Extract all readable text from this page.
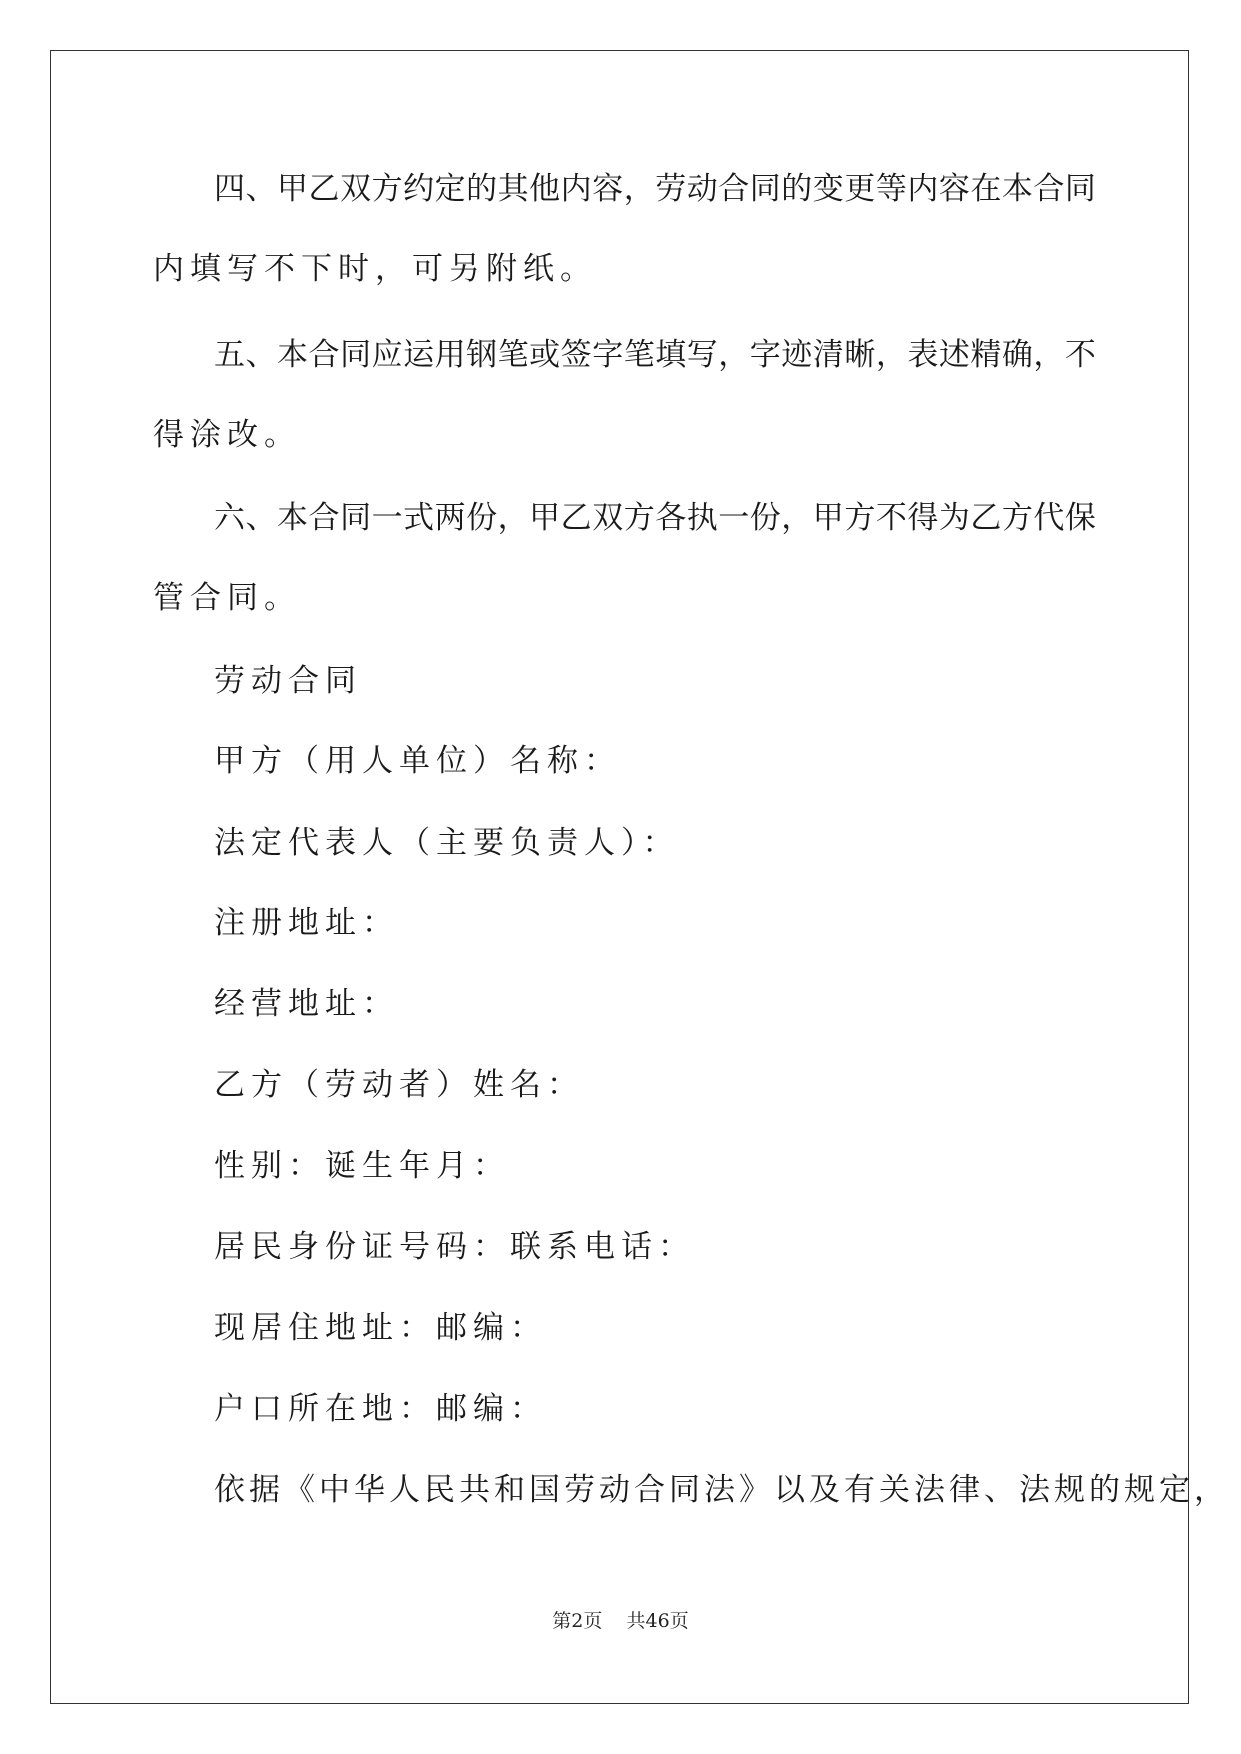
四 、 甲 乙 双 方 约 定 的 其 他 内 容 ， 劳 动 合 同 的 变 更 等 内 容 在 本 合 同
内填写不下时，可另附纸。
五 、 本 合 同 应 运 用 钢 笔 或 签 字 笔 填 写 ， 字 迹 清 晰 ， 表 述 精 确 ， 不
得涂改。
六 、 本 合 同 一 式 两 份 ， 甲 乙 双 方 各 执 一 份 ， 甲 方 不 得 为 乙 方 代 保
管合同。
劳动合同
甲方（用人单位）名称：
法定代表人（主要负责人）：
注册地址：
经营地址：
乙方（劳动者）姓名：
性别：诞生年月：
居民身份证号码：联系电话：
现居住地址：邮编：
户口所在地：邮编：
依据《中华人民共和国劳动合同法》以及有关法律、法规的规定，
第2页 共46页
